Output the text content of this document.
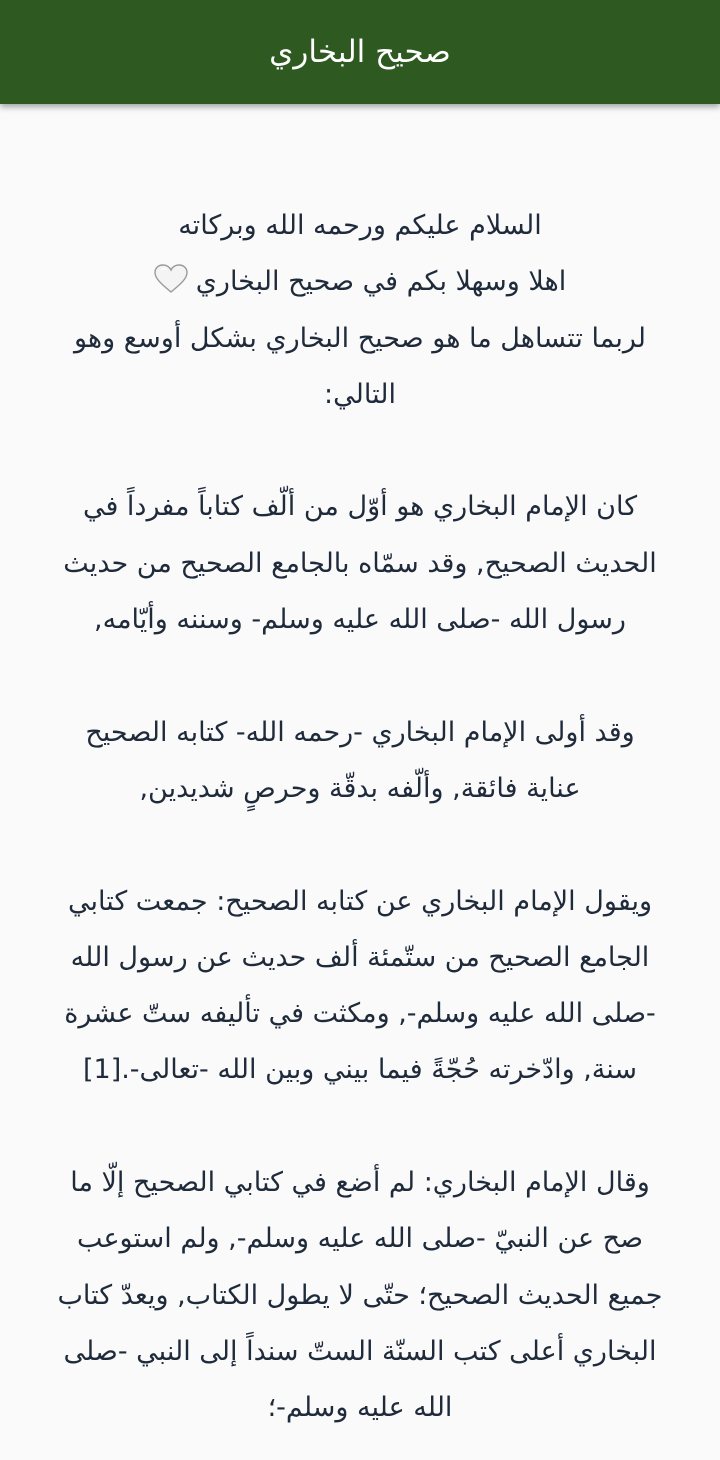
صحيح البخاري
السلام عليكم ورحمه الله وبركاته
اهلا وسهلا بكم في صحيح البخاري
لربما تتساهل ما هو صحيح البخاري بشكل أوسع وهو
التالي:
كان الإمام البخاري هو أوّل من ألّف كتاباً مفرداً في
الحديث الصحيح, وقد سمّاه بالجامع الصحيح من حديث
رسول الله -صلى الله عليه وسلم- وسننه وأيّامه,
وقد أولى الإمام البخاري -رحمه الله- كتابه الصحيح
عناية فائقة, وألّفه بدقّة وحرصٍ شديدين,
ويقول الإمام البخاري عن كتابه الصحيح: جمعت كتابي
الجامع الصحيح من ستّمئة ألف حديث عن رسول الله
-صلى الله عليه وسلم-, ومكثت في تأليفه ستّ عشرة
سنة, وادّخرته حُجّةً فيما بيني وبين الله -تعالى-.[1]
وقال الإمام البخاري: لم أضع في كتابي الصحيح إلّا ما
صح عن النبيّ -صلى الله عليه وسلم-, ولم استوعب
جميع الحديث الصحيح؛ حتّى لا يطول الكتاب, ويعدّ كتاب
البخاري أعلى كتب السنّة الستّ سنداً إلى النبي -صلى
الله عليه وسلم-؛
